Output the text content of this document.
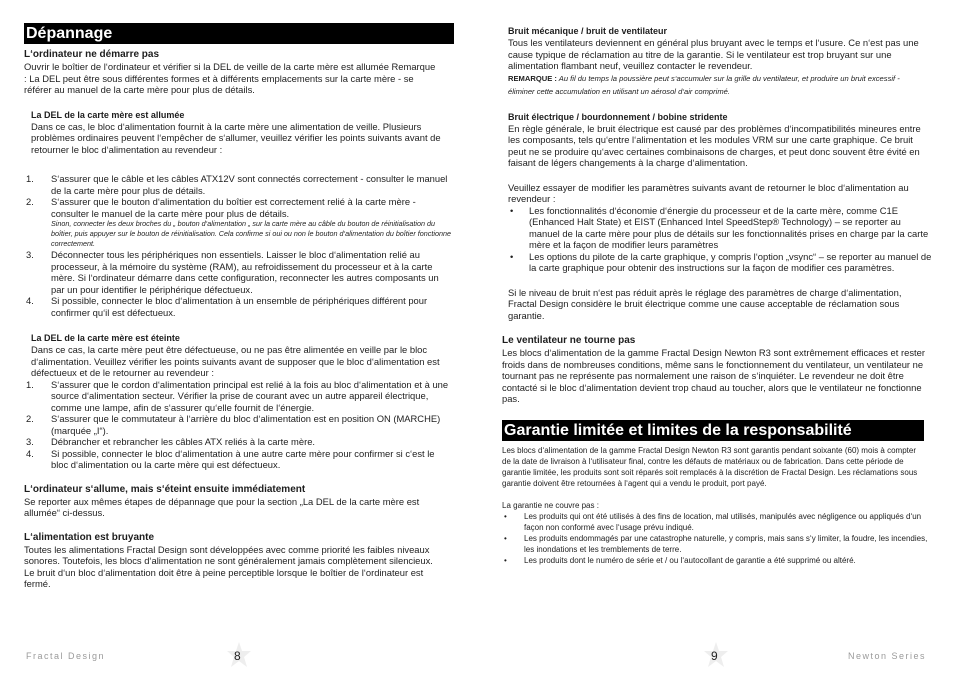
Dépannage
L‘ordinateur ne démarre pas
Ouvrir le boîtier de l‘ordinateur et vérifier si la DEL de veille de la carte mère est allumée Remarque : La DEL peut être sous différentes formes et à différents emplacements sur la carte mère - se référer au manuel de la carte mère pour plus de détails.
La DEL de la carte mère est allumée
Dans ce cas, le bloc d‘alimentation fournit à la carte mère une alimentation de veille. Plusieurs problèmes ordinaires peuvent l‘empêcher de s‘allumer, veuillez vérifier les points suivants avant de retourner le bloc d‘alimentation au revendeur :
1.	S‘assurer que le câble et les câbles ATX12V sont connectés correctement - consulter le manuel de la carte mère pour plus de détails.
2.	S‘assurer que le bouton d‘alimentation du boîtier est correctement relié à la carte mère - consulter le manuel de la carte mère pour plus de détails.
Sinon, connecter les deux broches du „ bouton d‘alimentation „ sur la carte mère au câble du bouton de réinitialisation du boîtier, puis appuyer sur le bouton de réinitialisation. Cela confirme si oui ou non le bouton d‘alimentation du boîtier fonctionne correctement.
3.	Déconnecter tous les périphériques non essentiels. Laisser le bloc d‘alimentation relié au processeur, à la mémoire du système (RAM), au refroidissement du processeur et à la carte mère. Si l‘ordinateur démarre dans cette configuration, reconnecter les autres composants un par un pour identifier le périphérique défectueux.
4.	Si possible, connecter le bloc d‘alimentation à un ensemble de périphériques différent pour confirmer qu‘il est défectueux.
La DEL de la carte mère est éteinte
Dans ce cas, la carte mère peut être défectueuse, ou ne pas être alimentée en veille par le bloc d‘alimentation. Veuillez vérifier les points suivants avant de supposer que le bloc d‘alimentation est défectueux et de le retourner au revendeur :
1.	S‘assurer que le cordon d‘alimentation principal est relié à la fois au bloc d‘alimentation et à une source d‘alimentation secteur. Vérifier la prise de courant avec un autre appareil électrique, comme une lampe, afin de s‘assurer qu‘elle fournit de l‘énergie.
2.	S‘assurer que le commutateur à l‘arrière du bloc d‘alimentation est en position ON (MARCHE) (marquée „I“).
3.	Débrancher et rebrancher les câbles ATX reliés à la carte mère.
4.	Si possible, connecter le bloc d‘alimentation à une autre carte mère pour confirmer si c‘est le bloc d‘alimentation ou la carte mère qui est défectueux.
L‘ordinateur s‘allume, mais s‘éteint ensuite immédiatement
Se reporter aux mêmes étapes de dépannage que pour la section „La DEL de la carte mère est allumée“ ci-dessus.
L‘alimentation est bruyante
Toutes les alimentations Fractal Design sont développées avec comme priorité les faibles niveaux sonores. Toutefois, les blocs d‘alimentation ne sont généralement jamais complètement silencieux. Le bruit d‘un bloc d‘alimentation doit être à peine perceptible lorsque le boîtier de l‘ordinateur est fermé.
Bruit mécanique / bruit de ventilateur
Tous les ventilateurs deviennent en général plus bruyant avec le temps et l‘usure. Ce n‘est pas une cause typique de réclamation au titre de la garantie. Si le ventilateur est trop bruyant sur une alimentation flambant neuf, veuillez contacter le revendeur.
REMARQUE : Au fil du temps la poussière peut s‘accumuler sur la grille du ventilateur, et produire un bruit excessif - éliminer cette accumulation en utilisant un aérosol d‘air comprimé.
Bruit électrique / bourdonnement / bobine stridente
En règle générale, le bruit électrique est causé par des problèmes d‘incompatibilités mineures entre les composants, tels qu‘entre l‘alimentation et les modules VRM sur une carte graphique. Ce bruit peut ne se produire qu‘avec certaines combinaisons de charges, et peut donc souvent être évité en faisant de légers changements à la charge d‘alimentation.
Veuillez essayer de modifier les paramètres suivants avant de retourner le bloc d‘alimentation au revendeur :
•	Les fonctionnalités d‘économie d‘énergie du processeur et de la carte mère, comme C1E (Enhanced Halt State) et EIST (Enhanced Intel SpeedStep® Technology) – se reporter au manuel de la carte mère pour plus de détails sur les fonctionnalités prises en charge par la carte mère et la façon de modifier leurs paramètres
•	Les options du pilote de la carte graphique, y compris l‘option „vsync“ – se reporter au manuel de la carte graphique pour obtenir des instructions sur la façon de modifier ces paramètres.
Si le niveau de bruit n‘est pas réduit après le réglage des paramètres de charge d‘alimentation, Fractal Design considère le bruit électrique comme une cause acceptable de réclamation sous garantie.
Le ventilateur ne tourne pas
Les blocs d‘alimentation de la gamme Fractal Design Newton R3 sont extrêmement efficaces et rester froids dans de nombreuses conditions, même sans le fonctionnement du ventilateur, un ventilateur ne tournant pas ne représente pas normalement une raison de s‘inquiéter. Le revendeur ne doit être contacté si le bloc d‘alimentation devient trop chaud au toucher, alors que le ventilateur ne fonctionne pas.
Garantie limitée et limites de la responsabilité
Les blocs d‘alimentation de la gamme Fractal Design Newton R3 sont garantis pendant soixante (60) mois à compter de la date de livraison à l‘utilisateur final, contre les défauts de matériaux ou de fabrication. Dans cette période de garantie limitée, les produits sont soit réparés soit remplacés à la discrétion de Fractal Design. Les réclamations sous garantie doivent être retournées à l‘agent qui a vendu le produit, port payé.
La garantie ne couvre pas :
•	Les produits qui ont été utilisés à des fins de location, mal utilisés, manipulés avec négligence ou appliqués d‘un façon non conformé avec l‘usage prévu indiqué.
•	Les produits endommagés par une catastrophe naturelle, y compris, mais sans s‘y limiter, la foudre, les incendies, les inondations et les tremblements de terre.
•	Les produits dont le numéro de série et / ou l‘autocollant de garantie a été supprimé ou altéré.
Fractal Design	8	9	Newton Series
